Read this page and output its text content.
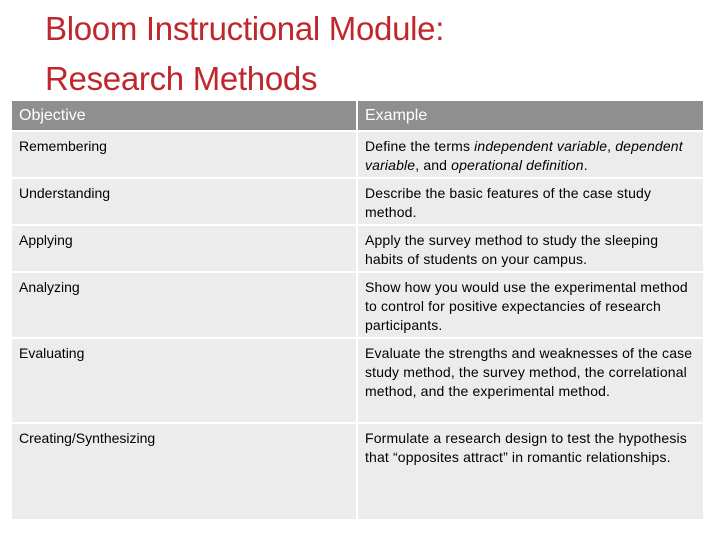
Bloom Instructional Module:
Research Methods
Objective	Example
Remembering	Define the terms independent variable, dependent variable, and operational definition.
Understanding	Describe the basic features of the case study method.
Applying	Apply the survey method to study the sleeping habits of students on your campus.
Analyzing	Show how you would use the experimental method to control for positive expectancies of research participants.
Evaluating	Evaluate the strengths and weaknesses of the case study method, the survey method, the correlational method, and the experimental method.
Creating/Synthesizing	Formulate a research design to test the hypothesis that “opposites attract” in romantic relationships.
